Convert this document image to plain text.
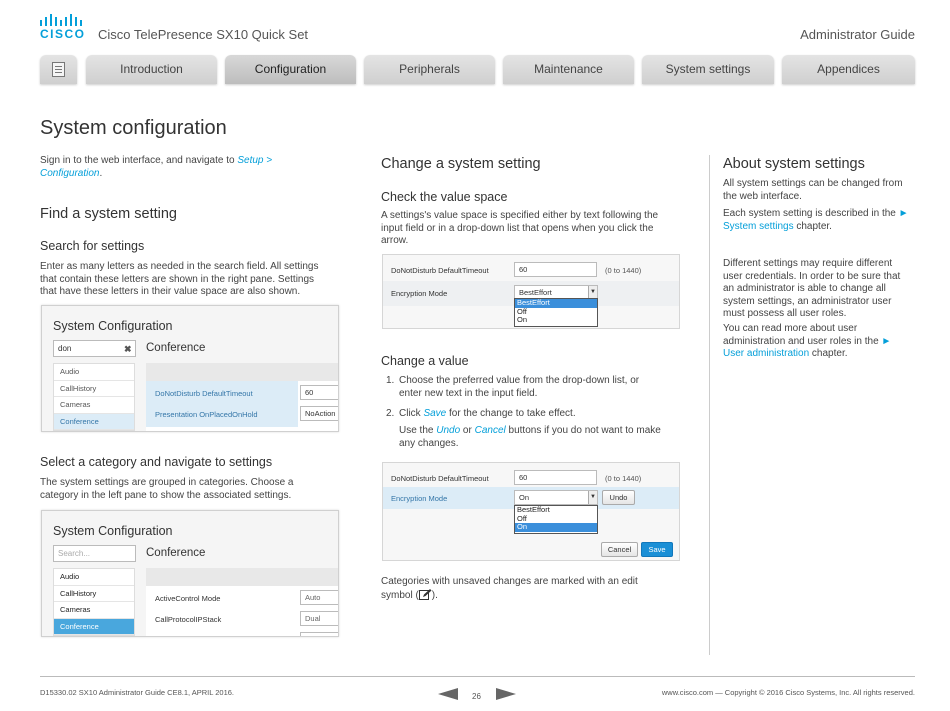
CISCO Cisco TelePresence SX10 Quick Set	Administrator Guide
Introduction	Configuration	Peripherals	Maintenance	System settings	Appendices
System configuration
Sign in to the web interface, and navigate to Setup > Configuration.
Find a system setting
Search for settings
Enter as many letters as needed in the search field. All settings that contain these letters are shown in the right pane. Settings that have these letters in their value space are also shown.
System Configuration
don	✖ Conference
Audio
CallHistory
Cameras
Conference
DoNotDisturb DefaultTimeout	60
Presentation OnPlacedOnHold	NoAction
Select a category and navigate to settings
The system settings are grouped in categories. Choose a category in the left pane to show the associated settings.
System Configuration
Search...	Conference
Audio
CallHistory
Cameras
Conference
ActiveControl Mode	Auto
CallProtocolIPStack	Dual
Change a system setting
Check the value space
A settings's value space is specified either by text following the input field or in a drop-down list that opens when you click the arrow.
DoNotDisturb DefaultTimeout	60	(0 to 1440)
Encryption Mode	BestEffort	▼
BestEffort
Off
On
Change a value
1. Choose the preferred value from the drop-down list, or enter new text in the input field.
2. Click Save for the change to take effect.
Use the Undo or Cancel buttons if you do not want to make any changes.
DoNotDisturb DefaultTimeout	60	(0 to 1440)
Encryption Mode	On	▼	Undo
BestEffort
Off
On
Cancel	Save
Categories with unsaved changes are marked with an edit symbol ( ).
About system settings
All system settings can be changed from the web interface.
Each system setting is described in the ► System settings chapter.
Different settings may require different user credentials. In order to be sure that an administrator is able to change all system settings, an administrator user must possess all user roles.
You can read more about user administration and user roles in the ► User administration chapter.
D15330.02 SX10 Administrator Guide CE8.1, APRIL 2016.	26	www.cisco.com — Copyright © 2016 Cisco Systems, Inc. All rights reserved.
